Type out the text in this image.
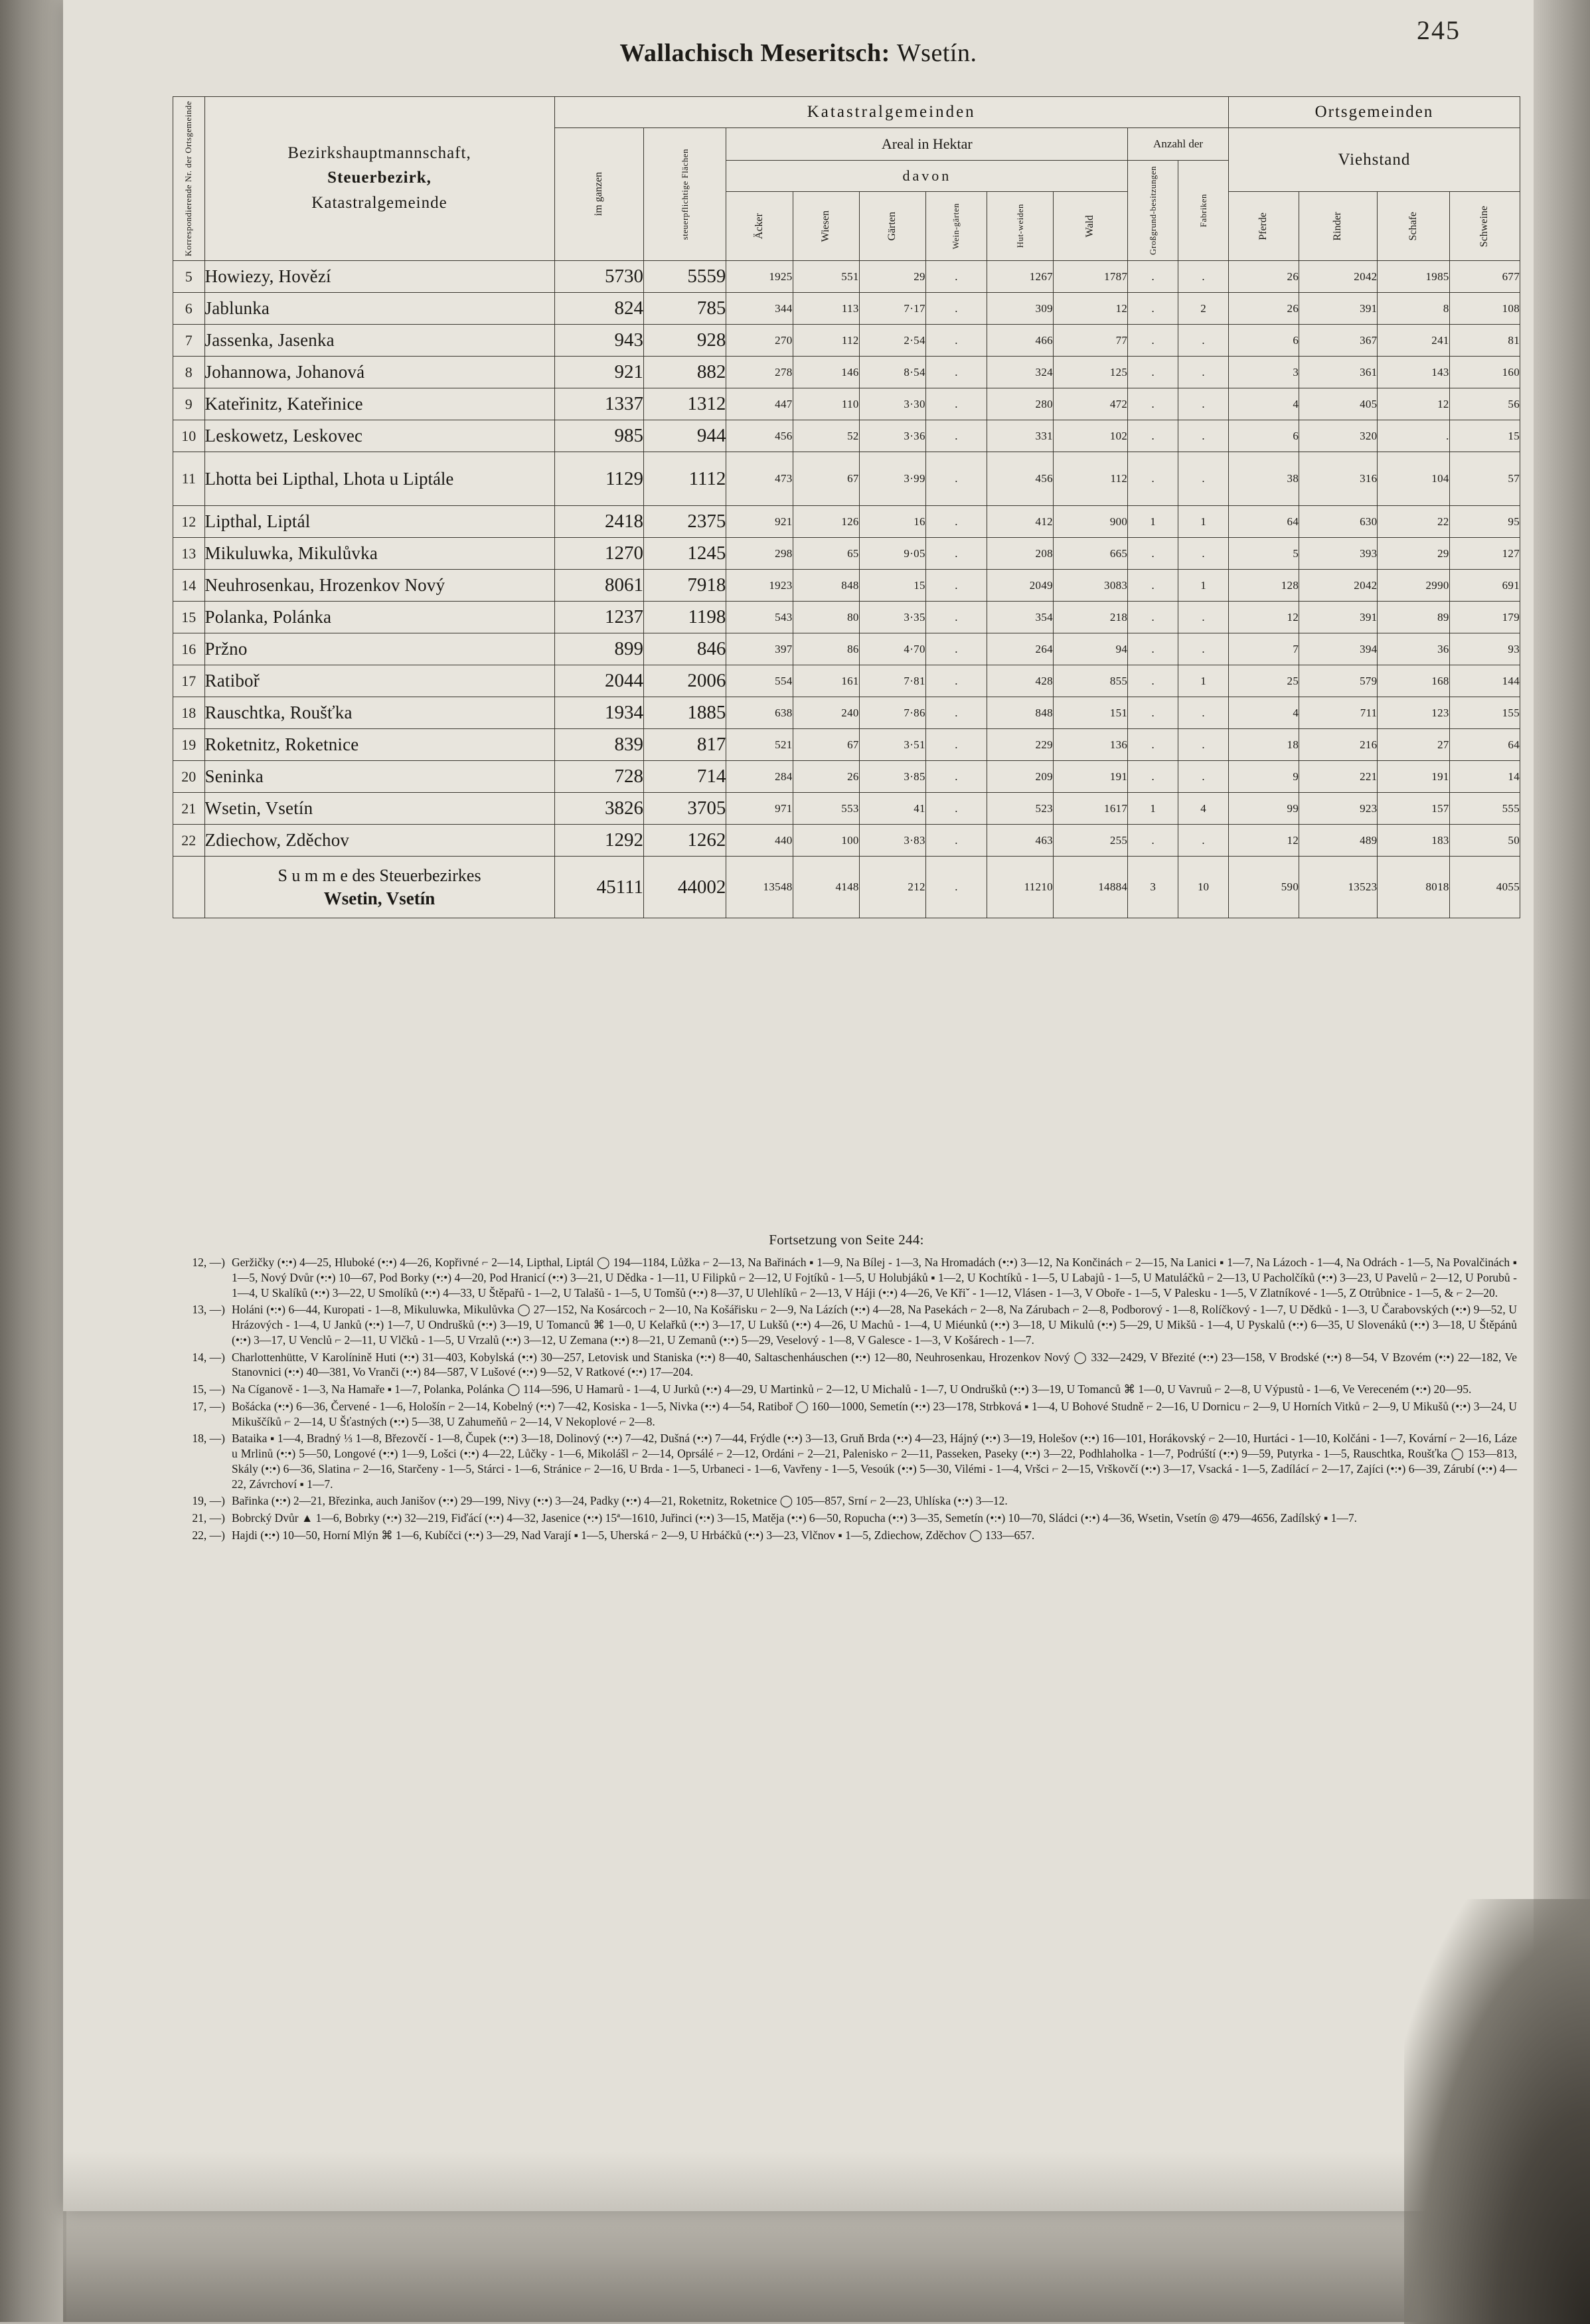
245
Wallachisch Meseritsch: Wsetín.
Korrespondierende Nr. der Ortsgemeinde	Bezirkshauptmannschaft,
Steuerbezirk,
Katastralgemeinde	Katastralgemeinden										Ortsgemeinden			

		im ganzen	steuerpflichtige Flächen	Areal in Hektar						Anzahl der		Viehstand			
				davon						Großgrund-besitzungen	Fabriken				

				Äcker	Wiesen	Gärten	Wein-gärten	Hut-weiden	Wald			Pferde	Rinder	Schafe	Schweine

5	Howiezy, Hovězí	5730	5559	1925	551	29	.	1267	1787	.	.	26	2042	1985	677
6	Jablunka	824	785	344	113	7·17	.	309	12	.	2	26	391	8	108
7	Jassenka, Jasenka	943	928	270	112	2·54	.	466	77	.	.	6	367	241	81
8	Johannowa, Johanová	921	882	278	146	8·54	.	324	125	.	.	3	361	143	160
9	Kateřinitz, Kateřinice	1337	1312	447	110	3·30	.	280	472	.	.	4	405	12	56
10	Leskowetz, Leskovec	985	944	456	52	3·36	.	331	102	.	.	6	320	.	15
11	Lhotta bei Lipthal, Lhota u Liptále	1129	1112	473	67	3·99	.	456	112	.	.	38	316	104	57
12	Lipthal, Liptál	2418	2375	921	126	16	.	412	900	1	1	64	630	22	95
13	Mikuluwka, Mikulůvka	1270	1245	298	65	9·05	.	208	665	.	.	5	393	29	127
14	Neuhrosenkau, Hrozenkov Nový	8061	7918	1923	848	15	.	2049	3083	.	1	128	2042	2990	691
15	Polanka, Polánka	1237	1198	543	80	3·35	.	354	218	.	.	12	391	89	179
16	Pržno	899	846	397	86	4·70	.	264	94	.	.	7	394	36	93
17	Ratiboř	2044	2006	554	161	7·81	.	428	855	.	1	25	579	168	144
18	Rauschtka, Roušťka	1934	1885	638	240	7·86	.	848	151	.	.	4	711	123	155
19	Roketnitz, Roketnice	839	817	521	67	3·51	.	229	136	.	.	18	216	27	64
20	Seninka	728	714	284	26	3·85	.	209	191	.	.	9	221	191	14
21	Wsetin, Vsetín	3826	3705	971	553	41	.	523	1617	1	4	99	923	157	555
22	Zdiechow, Zděchov	1292	1262	440	100	3·83	.	463	255	.	.	12	489	183	50

	S u m m e des Steuerbezirkes
Wsetin, Vsetín	45111	44002	13548	4148	212	.	11210	14884	3	10	590	13523	8018	4055
Fortsetzung von Seite 244:
12, —) Geržičky (•:•) 4—25, Hluboké (•:•) 4—26, Kopřivné ⌐ 2—14, Lipthal, Liptál ◯ 194—1184, Lůžka ⌐ 2—13, Na Bařinách ▪ 1—9, Na Bílej - 1—3, Na Hromadách (•:•) 3—12, Na Končinách ⌐ 2—15, Na Lanici ▪ 1—7, Na Lázoch - 1—4, Na Odrách - 1—5, Na Povalčinách ▪ 1—5, Nový Dvůr (•:•) 10—67, Pod Borky (•:•) 4—20, Pod Hranicí (•:•) 3—21, U Dědka - 1—11, U Filipků ⌐ 2—12, U Fojtíků - 1—5, U Holubjáků ▪ 1—2, U Kochtíků - 1—5, U Labajů - 1—5, U Matuláčků ⌐ 2—13, U Pacholčíků (•:•) 3—23, U Pavelů ⌐ 2—12, U Porubů - 1—4, U Skalíků (•:•) 3—22, U Smolíků (•:•) 4—33, U Štěpařů - 1—2, U Talašů - 1—5, U Tomšů (•:•) 8—37, U Ulehlíků ⌐ 2—13, V Háji (•:•) 4—26, Ve Křiˇ - 1—12, Vlásen - 1—3, V Oboře - 1—5, V Palesku - 1—5, V Zlatníkové - 1—5, Z Otrůbnice - 1—5, & ⌐ 2—20.
13, —) Holáni (•:•) 6—44, Kuropati - 1—8, Mikuluwka, Mikulůvka ◯ 27—152, Na Kosárcoch ⌐ 2—10, Na Košářisku ⌐ 2—9, Na Lázích (•:•) 4—28, Na Pasekách ⌐ 2—8, Na Zárubach ⌐ 2—8, Podborový - 1—8, Rolíčkový - 1—7, U Dědků - 1—3, U Čarabovských (•:•) 9—52, U Hrázových - 1—4, U Janků (•:•) 1—7, U Ondrušků (•:•) 3—19, U Tomanců ⌘ 1—0, U Kelařků (•:•) 3—17, U Lukšů (•:•) 4—26, U Machů - 1—4, U Miéunků (•:•) 3—18, U Mikulů (•:•) 5—29, U Mikšů - 1—4, U Pyskalů (•:•) 6—35, U Slovenáků (•:•) 3—18, U Štěpánů (•:•) 3—17, U Venclů ⌐ 2—11, U Vlčků - 1—5, U Vrzalů (•:•) 3—12, U Zemana (•:•) 8—21, U Zemanů (•:•) 5—29, Veselový - 1—8, V Galesce - 1—3, V Košárech - 1—7.
14, —) Charlottenhütte, V Karolínině Huti (•:•) 31—403, Kobylská (•:•) 30—257, Letovisk und Staniska (•:•) 8—40, Saltaschenháuschen (•:•) 12—80, Neuhrosenkau, Hrozenkov Nový ◯ 332—2429, V Březité (•:•) 23—158, V Brodské (•:•) 8—54, V Bzovém (•:•) 22—182, Ve Stanovnici (•:•) 40—381, Vo Vranči (•:•) 84—587, V Lušové (•:•) 9—52, V Ratkové (•:•) 17—204.
15, —) Na Cíganově - 1—3, Na Hamaře ▪ 1—7, Polanka, Polánka ◯ 114—596, U Hamarů - 1—4, U Jurků (•:•) 4—29, U Martinků ⌐ 2—12, U Michalů - 1—7, U Ondrušků (•:•) 3—19, U Tomanců ⌘ 1—0, U Vavruů ⌐ 2—8, U Výpustů - 1—6, Ve Vereceném (•:•) 20—95.
17, —) Bošácka (•:•) 6—36, Červené - 1—6, Hološín ⌐ 2—14, Kobelný (•:•) 7—42, Kosiska - 1—5, Nivka (•:•) 4—54, Ratiboř ◯ 160—1000, Semetín (•:•) 23—178, Strbková ▪ 1—4, U Bohové Studně ⌐ 2—16, U Dornicu ⌐ 2—9, U Horních Vitků ⌐ 2—9, U Mikušů (•:•) 3—24, U Mikuščíků ⌐ 2—14, U Šťastných (•:•) 5—38, U Zahumeňů ⌐ 2—14, V Nekoplové ⌐ 2—8.
18, —) Bataika ▪ 1—4, Bradný ⅓ 1—8, Březovčí - 1—8, Čupek (•:•) 3—18, Dolinový (•:•) 7—42, Dušná (•:•) 7—44, Frýdle (•:•) 3—13, Gruň Brda (•:•) 4—23, Hájný (•:•) 3—19, Holešov (•:•) 16—101, Horákovský ⌐ 2—10, Hurtáci - 1—10, Kolčáni - 1—7, Kovární ⌐ 2—16, Láze u Mrlinů (•:•) 5—50, Longové (•:•) 1—9, Lošci (•:•) 4—22, Lůčky - 1—6, Mikolášl ⌐ 2—14, Oprsálé ⌐ 2—12, Ordáni ⌐ 2—21, Palenisko ⌐ 2—11, Passeken, Paseky (•:•) 3—22, Podhlaholka - 1—7, Podrúští (•:•) 9—59, Putyrka - 1—5, Rauschtka, Roušťka ◯ 153—813, Skály (•:•) 6—36, Slatina ⌐ 2—16, Starčeny - 1—5, Stárci - 1—6, Stránice ⌐ 2—16, U Brda - 1—5, Urbaneci - 1—6, Vavřeny - 1—5, Vesoúk (•:•) 5—30, Vilémi - 1—4, Vršci ⌐ 2—15, Vrškovčí (•:•) 3—17, Vsacká - 1—5, Zadílácí ⌐ 2—17, Zajíci (•:•) 6—39, Zárubí (•:•) 4—22, Závrchoví ▪ 1—7.
19, —) Bařinka (•:•) 2—21, Březinka, auch Janišov (•:•) 29—199, Nivy (•:•) 3—24, Padky (•:•) 4—21, Roketnitz, Roketnice ◯ 105—857, Srní ⌐ 2—23, Uhlíska (•:•) 3—12.
21, —) Bobrcký Dvůr ▲ 1—6, Bobrky (•:•) 32—219, Fiďácí (•:•) 4—32, Jasenice (•:•) 15ª—1610, Juřinci (•:•) 3—15, Matěja (•:•) 6—50, Ropucha (•:•) 3—35, Semetín (•:•) 10—70, Sládci (•:•) 4—36, Wsetin, Vsetín ◎ 479—4656, Zadílský ▪ 1—7.
22, —) Hajdi (•:•) 10—50, Horní Mlýn ⌘ 1—6, Kubíčci (•:•) 3—29, Nad Varají ▪ 1—5, Uherská ⌐ 2—9, U Hrbáčků (•:•) 3—23, Vlčnov ▪ 1—5, Zdiechow, Zděchov ◯ 133—657.
